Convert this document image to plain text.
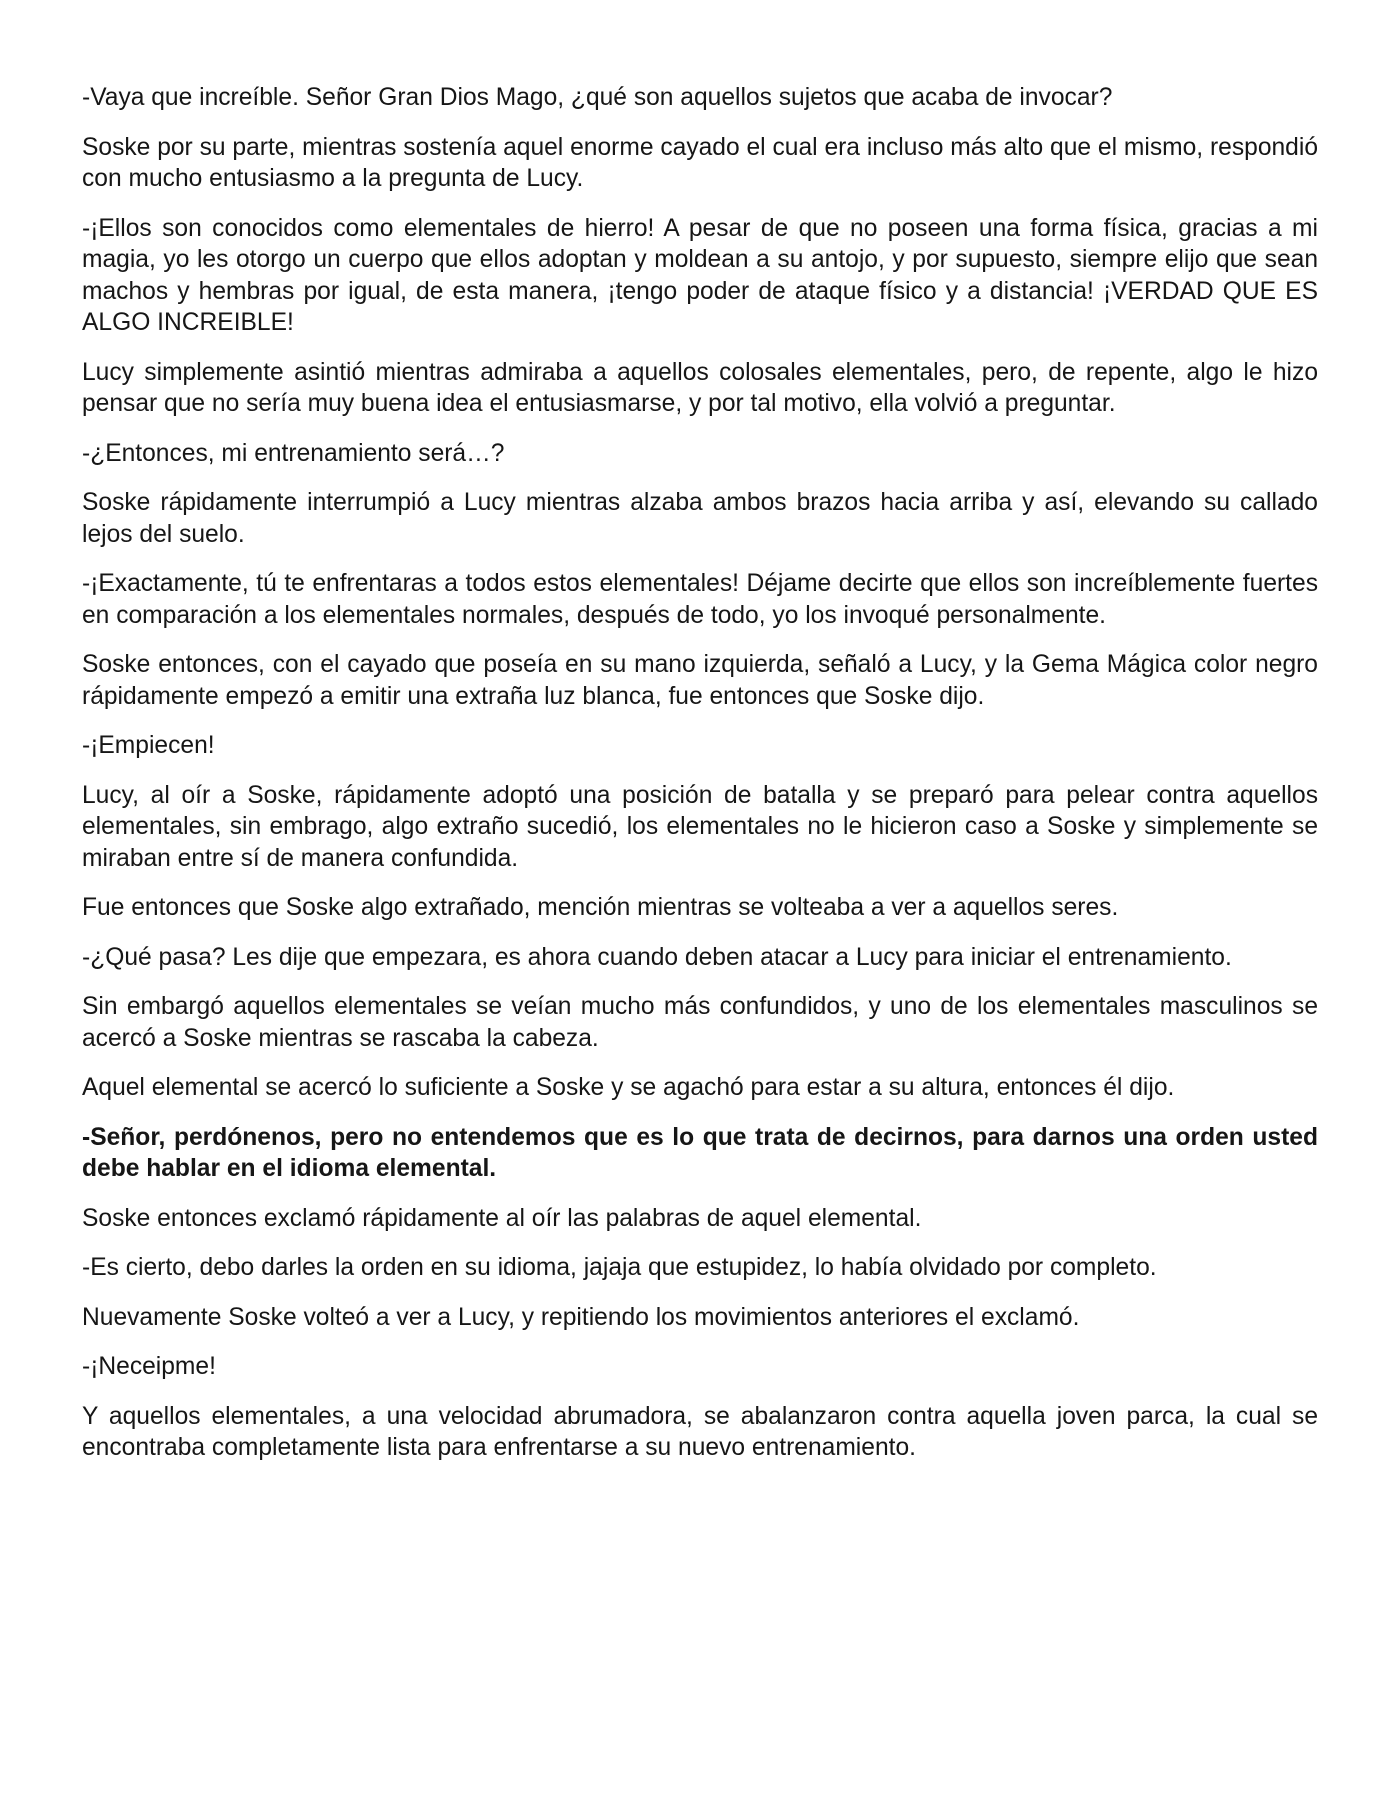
-Vaya que increíble. Señor Gran Dios Mago, ¿qué son aquellos sujetos que acaba de invocar?

Soske por su parte, mientras sostenía aquel enorme cayado el cual era incluso más alto que el mismo, respondió con mucho entusiasmo a la pregunta de Lucy.

-¡Ellos son conocidos como elementales de hierro! A pesar de que no poseen una forma física, gracias a mi magia, yo les otorgo un cuerpo que ellos adoptan y moldean a su antojo, y por supuesto, siempre elijo que sean machos y hembras por igual, de esta manera, ¡tengo poder de ataque físico y a distancia! ¡VERDAD QUE ES ALGO INCREIBLE!

Lucy simplemente asintió mientras admiraba a aquellos colosales elementales, pero, de repente, algo le hizo pensar que no sería muy buena idea el entusiasmarse, y por tal motivo, ella volvió a preguntar.

-¿Entonces, mi entrenamiento será…?

Soske rápidamente interrumpió a Lucy mientras alzaba ambos brazos hacia arriba y así, elevando su callado lejos del suelo.

-¡Exactamente, tú te enfrentaras a todos estos elementales! Déjame decirte que ellos son increíblemente fuertes en comparación a los elementales normales, después de todo, yo los invoqué personalmente.

Soske entonces, con el cayado que poseía en su mano izquierda, señaló a Lucy, y la Gema Mágica color negro rápidamente empezó a emitir una extraña luz blanca, fue entonces que Soske dijo.

-¡Empiecen!

Lucy, al oír a Soske, rápidamente adoptó una posición de batalla y se preparó para pelear contra aquellos elementales, sin embrago, algo extraño sucedió, los elementales no le hicieron caso a Soske y simplemente se miraban entre sí de manera confundida.

Fue entonces que Soske algo extrañado, mención mientras se volteaba a ver a aquellos seres.

-¿Qué pasa? Les dije que empezara, es ahora cuando deben atacar a Lucy para iniciar el entrenamiento.

Sin embargó aquellos elementales se veían mucho más confundidos, y uno de los elementales masculinos se acercó a Soske mientras se rascaba la cabeza.

Aquel elemental se acercó lo suficiente a Soske y se agachó para estar a su altura, entonces él dijo.

-Señor, perdónenos, pero no entendemos que es lo que trata de decirnos, para darnos una orden usted debe hablar en el idioma elemental.

Soske entonces exclamó rápidamente al oír las palabras de aquel elemental.

-Es cierto, debo darles la orden en su idioma, jajaja que estupidez, lo había olvidado por completo.

Nuevamente Soske volteó a ver a Lucy, y repitiendo los movimientos anteriores el exclamó.

-¡Neceipme!

Y aquellos elementales, a una velocidad abrumadora, se abalanzaron contra aquella joven parca, la cual se encontraba completamente lista para enfrentarse a su nuevo entrenamiento.
